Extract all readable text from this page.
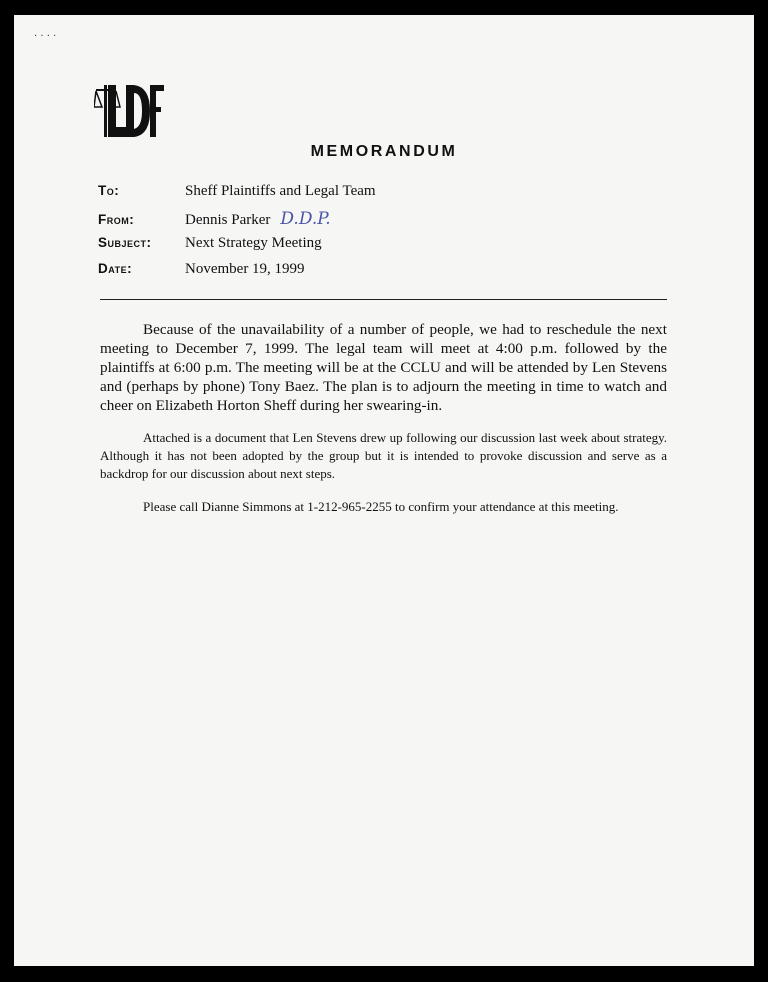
· · · ·
MEMORANDUM
To:	Sheff Plaintiffs and Legal Team
From:	Dennis Parker D.D.P.
Subject:	Next Strategy Meeting
Date:	November 19, 1999
Because of the unavailability of a number of people, we had to reschedule the next meeting to December 7, 1999. The legal team will meet at 4:00 p.m. followed by the plaintiffs at 6:00 p.m. The meeting will be at the CCLU and will be attended by Len Stevens and (perhaps by phone) Tony Baez. The plan is to adjourn the meeting in time to watch and cheer on Elizabeth Horton Sheff during her swearing-in.
Attached is a document that Len Stevens drew up following our discussion last week about strategy. Although it has not been adopted by the group but it is intended to provoke discussion and serve as a backdrop for our discussion about next steps.
Please call Dianne Simmons at 1-212-965-2255 to confirm your attendance at this meeting.
